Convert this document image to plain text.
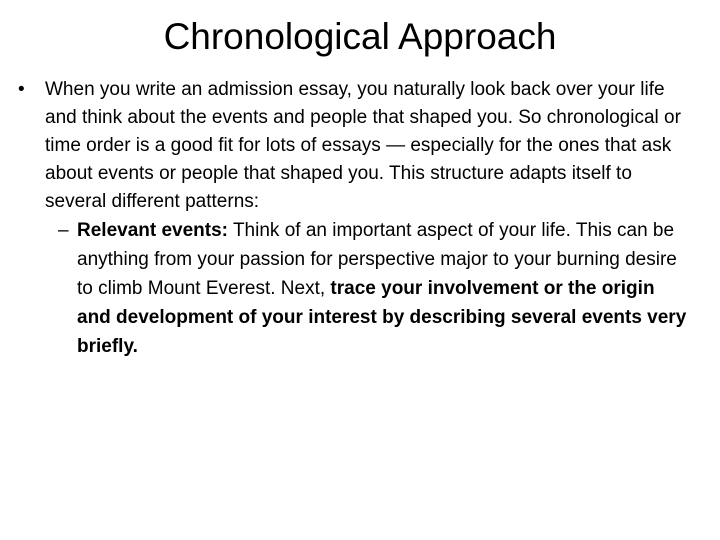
Chronological Approach
• When you write an admission essay, you naturally look back over your life and think about the events and people that shaped you. So chronological or time order is a good fit for lots of essays — especially for the ones that ask about events or people that shaped you. This structure adapts itself to several different patterns:
– Relevant events: Think of an important aspect of your life. This can be anything from your passion for perspective major to your burning desire to climb Mount Everest. Next, trace your involvement or the origin and development of your interest by describing several events very briefly.
